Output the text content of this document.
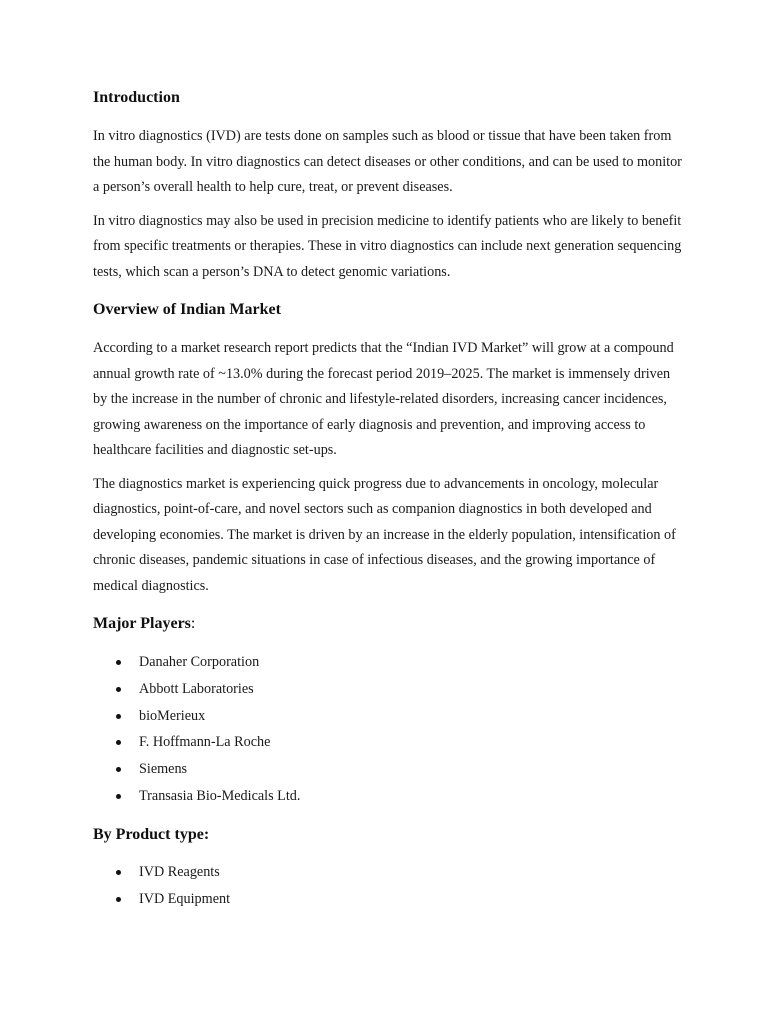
Introduction

In vitro diagnostics (IVD) are tests done on samples such as blood or tissue that have been taken from the human body. In vitro diagnostics can detect diseases or other conditions, and can be used to monitor a person’s overall health to help cure, treat, or prevent diseases.

In vitro diagnostics may also be used in precision medicine to identify patients who are likely to benefit from specific treatments or therapies. These in vitro diagnostics can include next generation sequencing tests, which scan a person’s DNA to detect genomic variations.

Overview of Indian Market

According to a market research report predicts that the “Indian IVD Market” will grow at a compound annual growth rate of ~13.0% during the forecast period 2019–2025. The market is immensely driven by the increase in the number of chronic and lifestyle-related disorders, increasing cancer incidences, growing awareness on the importance of early diagnosis and prevention, and improving access to healthcare facilities and diagnostic set-ups.

The diagnostics market is experiencing quick progress due to advancements in oncology, molecular diagnostics, point-of-care, and novel sectors such as companion diagnostics in both developed and developing economies. The market is driven by an increase in the elderly population, intensification of chronic diseases, pandemic situations in case of infectious diseases, and the growing importance of medical diagnostics.

Major Players:
Danaher Corporation
Abbott Laboratories
bioMerieux
F. Hoffmann-La Roche
Siemens
Transasia Bio-Medicals Ltd.
By Product type:
IVD Reagents
IVD Equipment
